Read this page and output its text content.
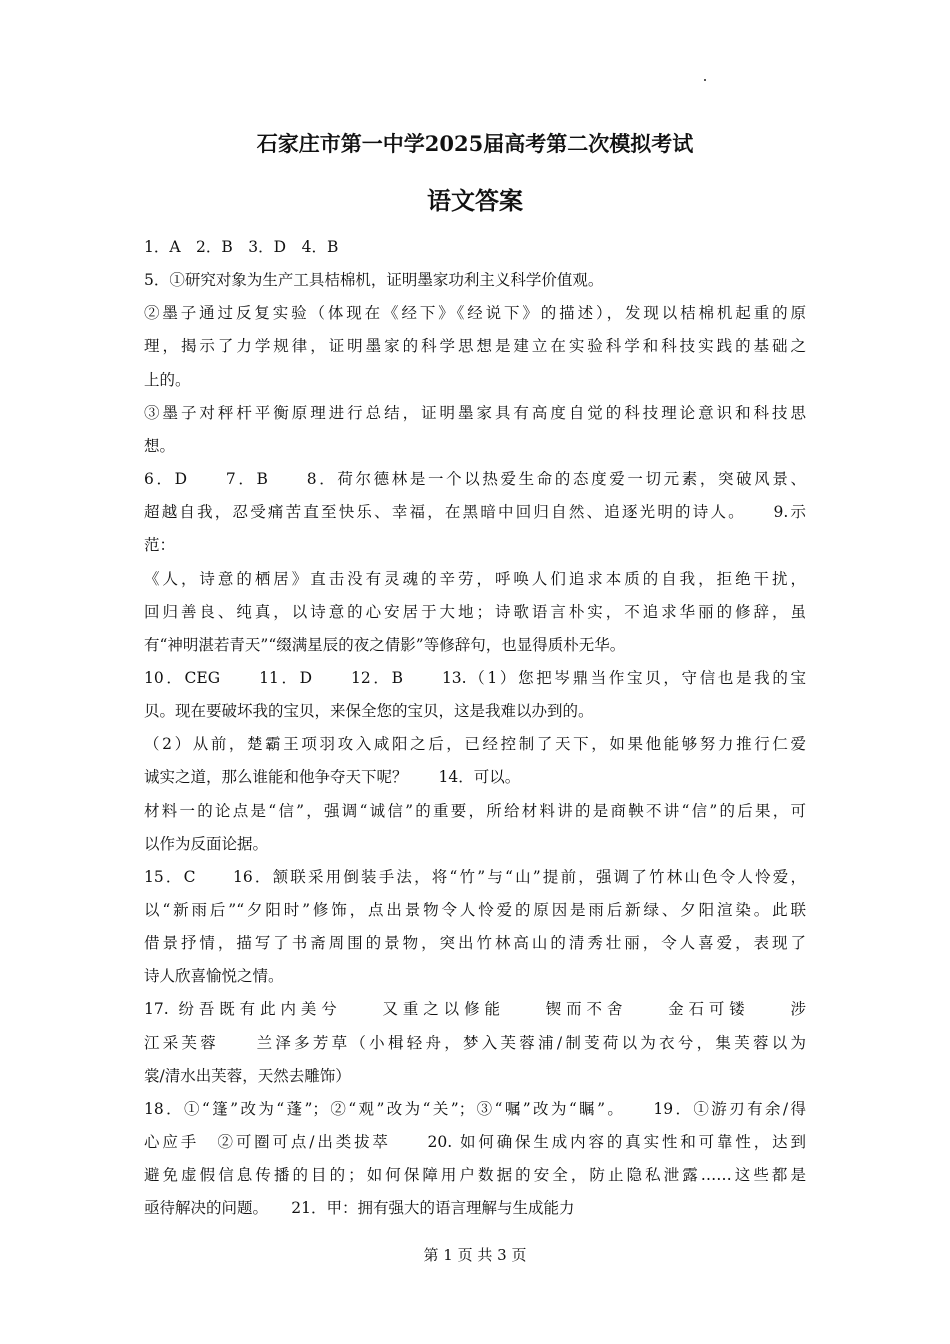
石家庄市第一中学2025届高考第二次模拟考试
语文答案
1．A　2．B　3．D　4．B
5．①研究对象为生产工具桔棉机，证明墨家功利主义科学价值观。
②墨子通过反复实验（体现在《经下》《经说下》的描述），发现以桔棉机起重的原
理，揭示了力学规律，证明墨家的科学思想是建立在实验科学和科技实践的基础之
上的。
③墨子对秤杆平衡原理进行总结，证明墨家具有高度自觉的科技理论意识和科技思
想。
6．D　　7．B　　8．荷尔德林是一个以热爱生命的态度爱一切元素，突破风景、
超越自我，忍受痛苦直至快乐、幸福，在黑暗中回归自然、追逐光明的诗人。　　9.示
范：
《人，诗意的栖居》直击没有灵魂的辛劳，呼唤人们追求本质的自我，拒绝干扰，
回归善良、纯真，以诗意的心安居于大地；诗歌语言朴实，不追求华丽的修辞，虽
有“神明湛若青天”“缀满星辰的夜之倩影”等修辞句，也显得质朴无华。
10．CEG　　11．D　　12．B　　13.（1）您把岑鼎当作宝贝，守信也是我的宝
贝。现在要破坏我的宝贝，来保全您的宝贝，这是我难以办到的。
（2）从前，楚霸王项羽攻入咸阳之后，已经控制了天下，如果他能够努力推行仁爱
诚实之道，那么谁能和他争夺天下呢？　　14．可以。
材料一的论点是“信”，强调“诚信”的重要，所给材料讲的是商鞅不讲“信”的后果，可
以作为反面论据。
15．C　　16．颔联采用倒装手法，将“竹”与“山”提前，强调了竹林山色令人怜爱，
以“新雨后”“夕阳时”修饰，点出景物令人怜爱的原因是雨后新绿、夕阳渲染。此联
借景抒情，描写了书斋周围的景物，突出竹林高山的清秀壮丽，令人喜爱，表现了
诗人欣喜愉悦之情。
17. 纷吾既有此内美兮　　又重之以修能　　锲而不舍　　金石可镂　　涉
江采芙蓉　　兰泽多芳草（小楫轻舟，梦入芙蓉浦/制芰荷以为衣兮，集芙蓉以为
裳/清水出芙蓉，天然去雕饰）
18．①“篷”改为“蓬”；②“观”改为“关”；③“嘱”改为“瞩”。　　19．①游刃有余/得
心应手　②可圈可点/出类拔萃　　20. 如何确保生成内容的真实性和可靠性，达到
避免虚假信息传播的目的；如何保障用户数据的安全，防止隐私泄露……这些都是
亟待解决的问题。　　21．甲：拥有强大的语言理解与生成能力
第 1 页 共 3 页
